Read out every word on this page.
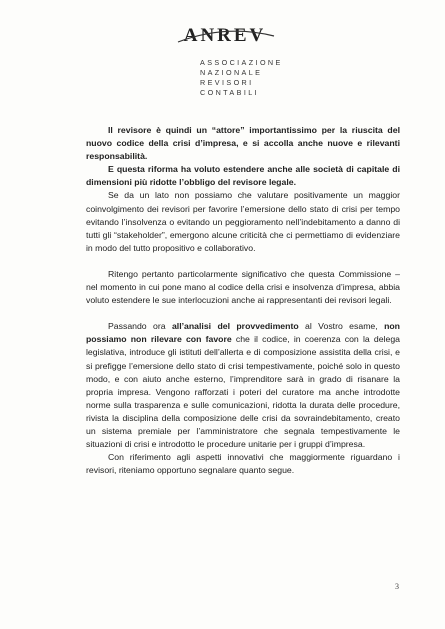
ANREV
ASSOCIAZIONE
NAZIONALE
REVISORI
CONTABILI

Il revisore è quindi un “attore” importantissimo per la riuscita del nuovo codice della crisi d’impresa, e si accolla anche nuove e rilevanti responsabilità.

E questa riforma ha voluto estendere anche alle società di capitale di dimensioni più ridotte l’obbligo del revisore legale.

Se da un lato non possiamo che valutare positivamente un maggior coinvolgimento dei revisori per favorire l’emersione dello stato di crisi per tempo evitando l’insolvenza o evitando un peggioramento nell’indebitamento a danno di tutti gli “stakeholder”, emergono alcune criticità che ci permettiamo di evidenziare in modo del tutto propositivo e collaborativo.

Ritengo pertanto particolarmente significativo che questa Commissione – nel momento in cui pone mano al codice della crisi e insolvenza d’impresa, abbia voluto estendere le sue interlocuzioni anche ai rappresentanti dei revisori legali.

Passando ora all’analisi del provvedimento al Vostro esame, non possiamo non rilevare con favore che il codice, in coerenza con la delega legislativa, introduce gli istituti dell’allerta e di composizione assistita della crisi, e si prefigge l’emersione dello stato di crisi tempestivamente, poiché solo in questo modo, e con aiuto anche esterno, l’imprenditore sarà in grado di risanare la propria impresa. Vengono rafforzati i poteri del curatore ma anche introdotte norme sulla trasparenza e sulle comunicazioni, ridotta la durata delle procedure, rivista la disciplina della composizione delle crisi da sovraindebitamento, creato un sistema premiale per l’amministratore che segnala tempestivamente le situazioni di crisi e introdotto le procedure unitarie per i gruppi d’impresa.

Con riferimento agli aspetti innovativi che maggiormente riguardano i revisori, riteniamo opportuno segnalare quanto segue.

3
